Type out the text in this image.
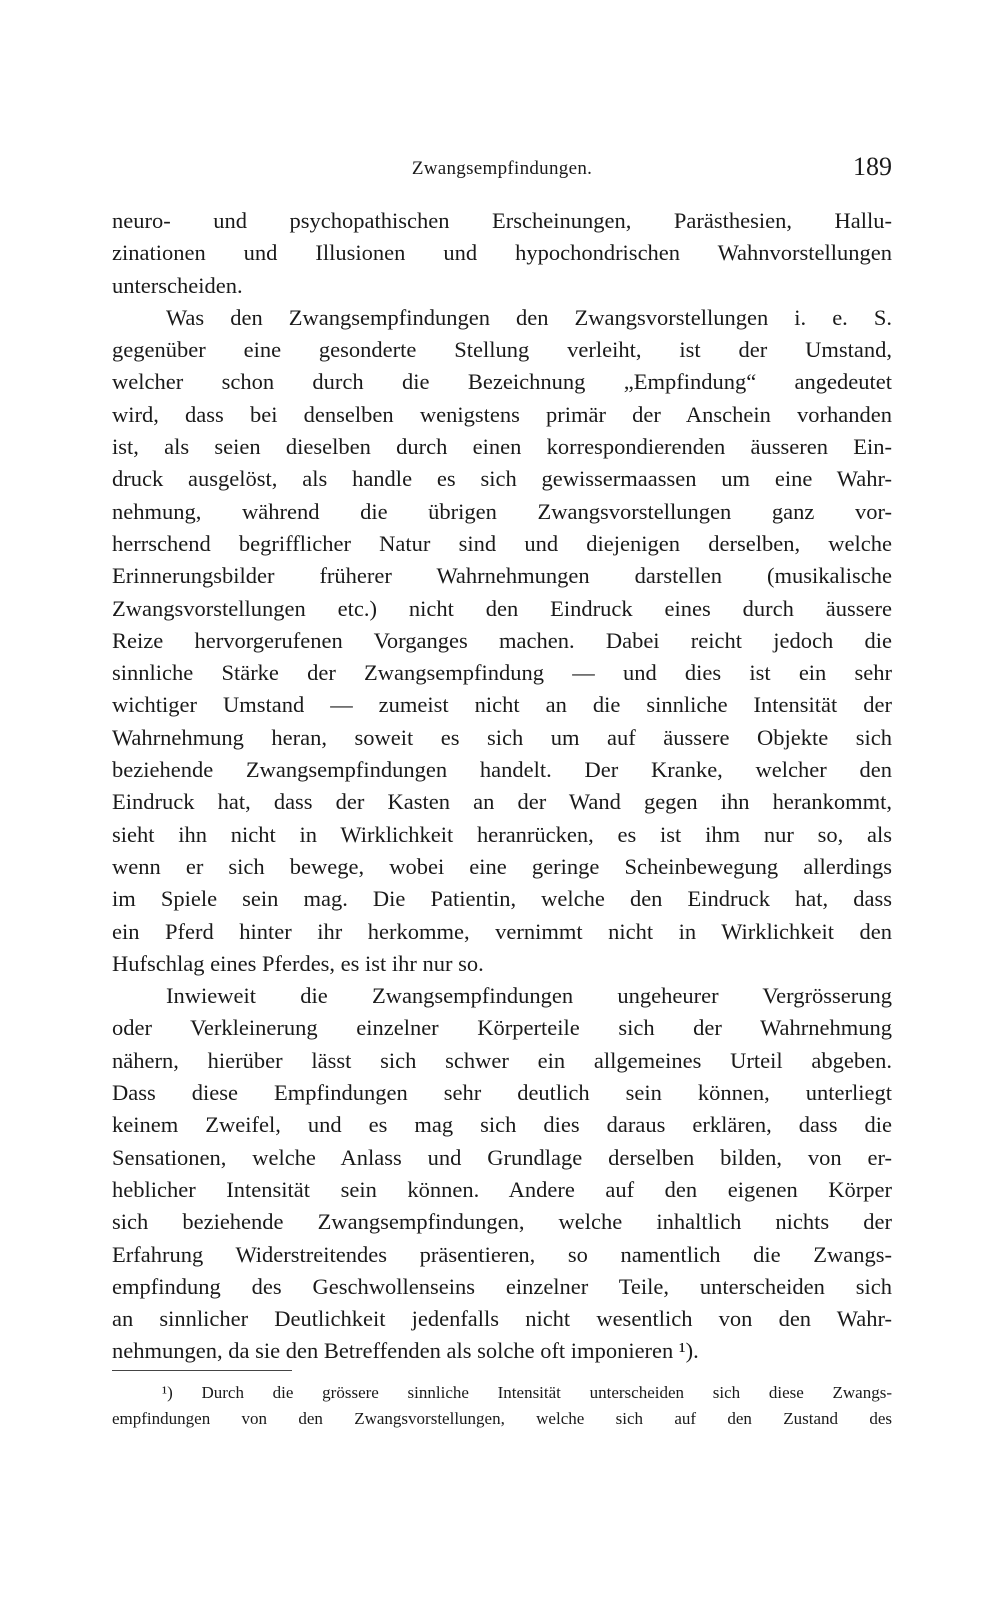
Zwangsempfindungen.	189
neuro- und psychopathischen Erscheinungen, Parästhesien, Hallu-
zinationen und Illusionen und hypochondrischen Wahnvorstellungen
unterscheiden.
Was den Zwangsempfindungen den Zwangsvorstellungen i. e. S.
gegenüber eine gesonderte Stellung verleiht, ist der Umstand,
welcher schon durch die Bezeichnung „Empfindung“ angedeutet
wird, dass bei denselben wenigstens primär der Anschein vorhanden
ist, als seien dieselben durch einen korrespondierenden äusseren Ein-
druck ausgelöst, als handle es sich gewissermaassen um eine Wahr-
nehmung, während die übrigen Zwangsvorstellungen ganz vor-
herrschend begrifflicher Natur sind und diejenigen derselben, welche
Erinnerungsbilder früherer Wahrnehmungen darstellen (musikalische
Zwangsvorstellungen etc.) nicht den Eindruck eines durch äussere
Reize hervorgerufenen Vorganges machen. Dabei reicht jedoch die
sinnliche Stärke der Zwangsempfindung — und dies ist ein sehr
wichtiger Umstand — zumeist nicht an die sinnliche Intensität der
Wahrnehmung heran, soweit es sich um auf äussere Objekte sich
beziehende Zwangsempfindungen handelt. Der Kranke, welcher den
Eindruck hat, dass der Kasten an der Wand gegen ihn herankommt,
sieht ihn nicht in Wirklichkeit heranrücken, es ist ihm nur so, als
wenn er sich bewege, wobei eine geringe Scheinbewegung allerdings
im Spiele sein mag. Die Patientin, welche den Eindruck hat, dass
ein Pferd hinter ihr herkomme, vernimmt nicht in Wirklichkeit den
Hufschlag eines Pferdes, es ist ihr nur so.
Inwieweit die Zwangsempfindungen ungeheurer Vergrösserung
oder Verkleinerung einzelner Körperteile sich der Wahrnehmung
nähern, hierüber lässt sich schwer ein allgemeines Urteil abgeben.
Dass diese Empfindungen sehr deutlich sein können, unterliegt
keinem Zweifel, und es mag sich dies daraus erklären, dass die
Sensationen, welche Anlass und Grundlage derselben bilden, von er-
heblicher Intensität sein können. Andere auf den eigenen Körper
sich beziehende Zwangsempfindungen, welche inhaltlich nichts der
Erfahrung Widerstreitendes präsentieren, so namentlich die Zwangs-
empfindung des Geschwollenseins einzelner Teile, unterscheiden sich
an sinnlicher Deutlichkeit jedenfalls nicht wesentlich von den Wahr-
nehmungen, da sie den Betreffenden als solche oft imponieren ¹).
¹) Durch die grössere sinnliche Intensität unterscheiden sich diese Zwangs-
empfindungen von den Zwangsvorstellungen, welche sich auf den Zustand des
